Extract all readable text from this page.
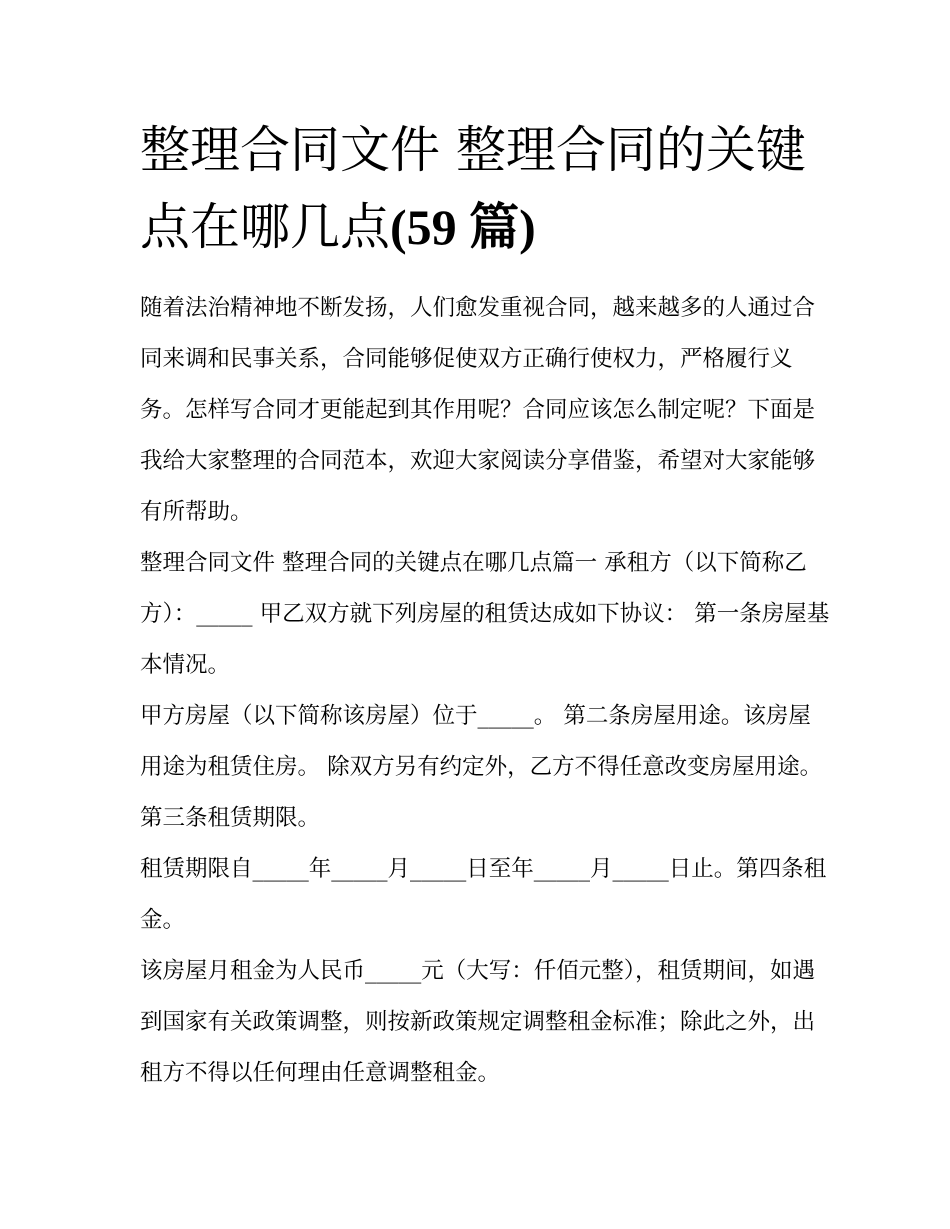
整理合同文件 整理合同的关键点在哪几点(59 篇)

随着法治精神地不断发扬，人们愈发重视合同，越来越多的人通过合同来调和民事关系，合同能够促使双方正确行使权力，严格履行义务。怎样写合同才更能起到其作用呢？合同应该怎么制定呢？下面是我给大家整理的合同范本，欢迎大家阅读分享借鉴，希望对大家能够有所帮助。

整理合同文件 整理合同的关键点在哪几点篇一 承租方（以下简称乙方）：_____ 甲乙双方就下列房屋的租赁达成如下协议： 第一条房屋基本情况。

甲方房屋（以下简称该房屋）位于_____。 第二条房屋用途。该房屋用途为租赁住房。 除双方另有约定外，乙方不得任意改变房屋用途。 第三条租赁期限。

租赁期限自_____年_____月_____日至年_____月_____日止。第四条租金。

该房屋月租金为人民币_____元（大写：仟佰元整），租赁期间，如遇到国家有关政策调整，则按新政策规定调整租金标准；除此之外，出租方不得以任何理由任意调整租金。
